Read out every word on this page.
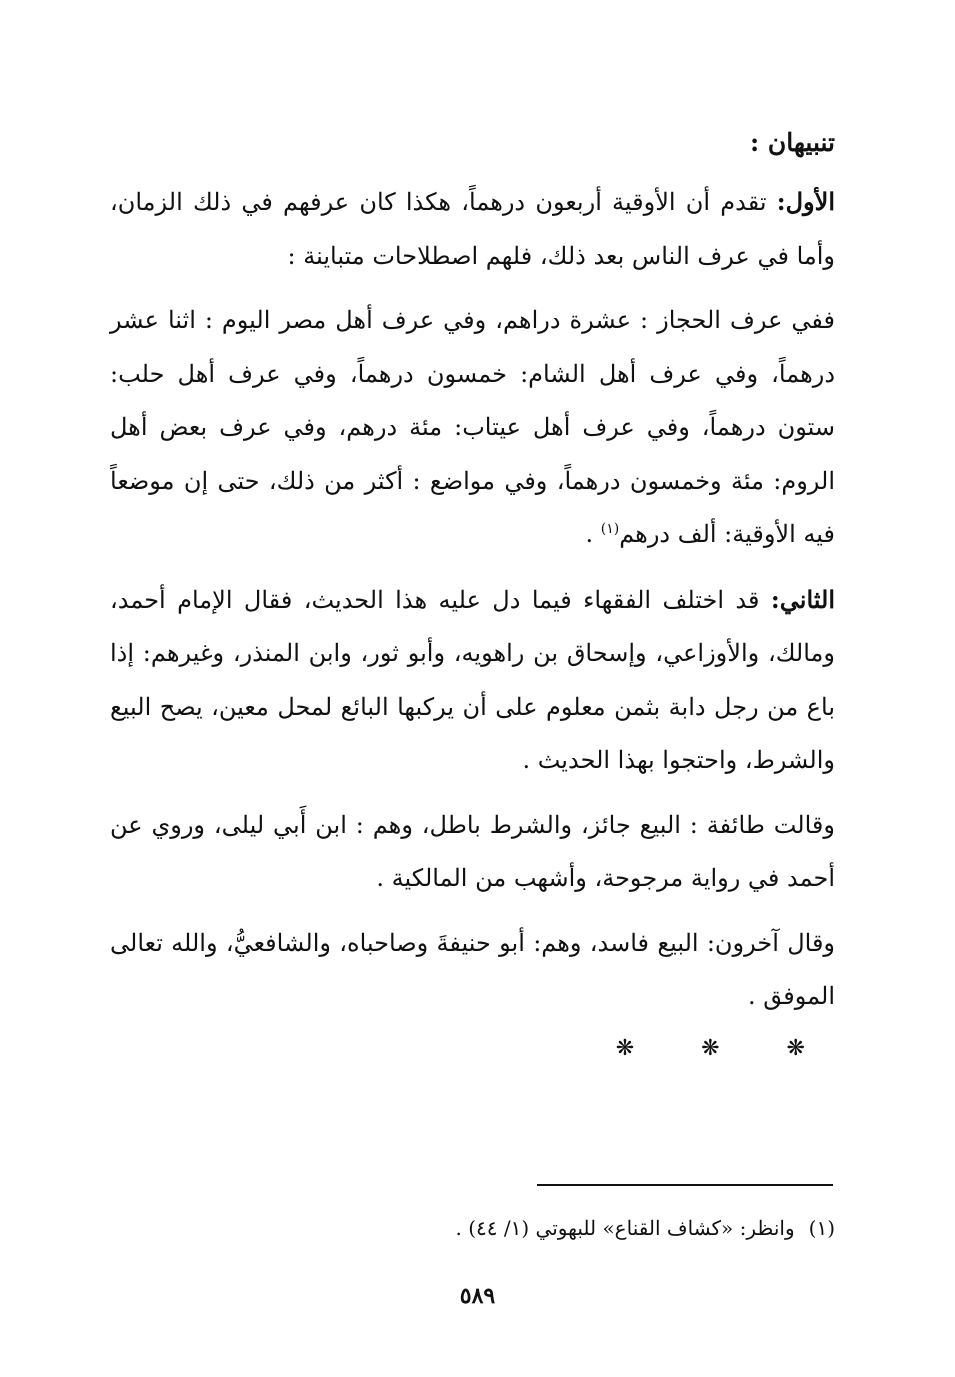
تنبيهان :

الأول: تقدم أن الأوقية أربعون درهماً، هكذا كان عرفهم في ذلك الزمان، وأما في عرف الناس بعد ذلك، فلهم اصطلاحات متباينة :

ففي عرف الحجاز : عشرة دراهم، وفي عرف أهل مصر اليوم : اثنا عشر درهماً، وفي عرف أهل الشام: خمسون درهماً، وفي عرف أهل حلب: ستون درهماً، وفي عرف أهل عيتاب: مئة درهم، وفي عرف بعض أهل الروم: مئة وخمسون درهماً، وفي مواضع : أكثر من ذلك، حتى إن موضعاً فيه الأوقية: ألف درهم$^{(١)}$ .

الثاني: قد اختلف الفقهاء فيما دل عليه هذا الحديث، فقال الإمام أحمد، ومالك، والأوزاعي، وإسحاق بن راهويه، وأبو ثور، وابن المنذر، وغيرهم: إذا باع من رجل دابة بثمن معلوم على أن يركبها البائع لمحل معين، يصح البيع والشرط، واحتجوا بهذا الحديث .

وقالت طائفة : البيع جائز، والشرط باطل، وهم : ابن أَبي ليلى، وروي عن أحمد في رواية مرجوحة، وأشهب من المالكية .

وقال آخرون: البيع فاسد، وهم: أبو حنيفةَ وصاحباه، والشافعيُّ، والله تعالى الموفق .

❋ ❋ ❋
(١)وانظر: «كشاف القناع» للبهوتي (١/ ٤٤) .
٥٨٩
